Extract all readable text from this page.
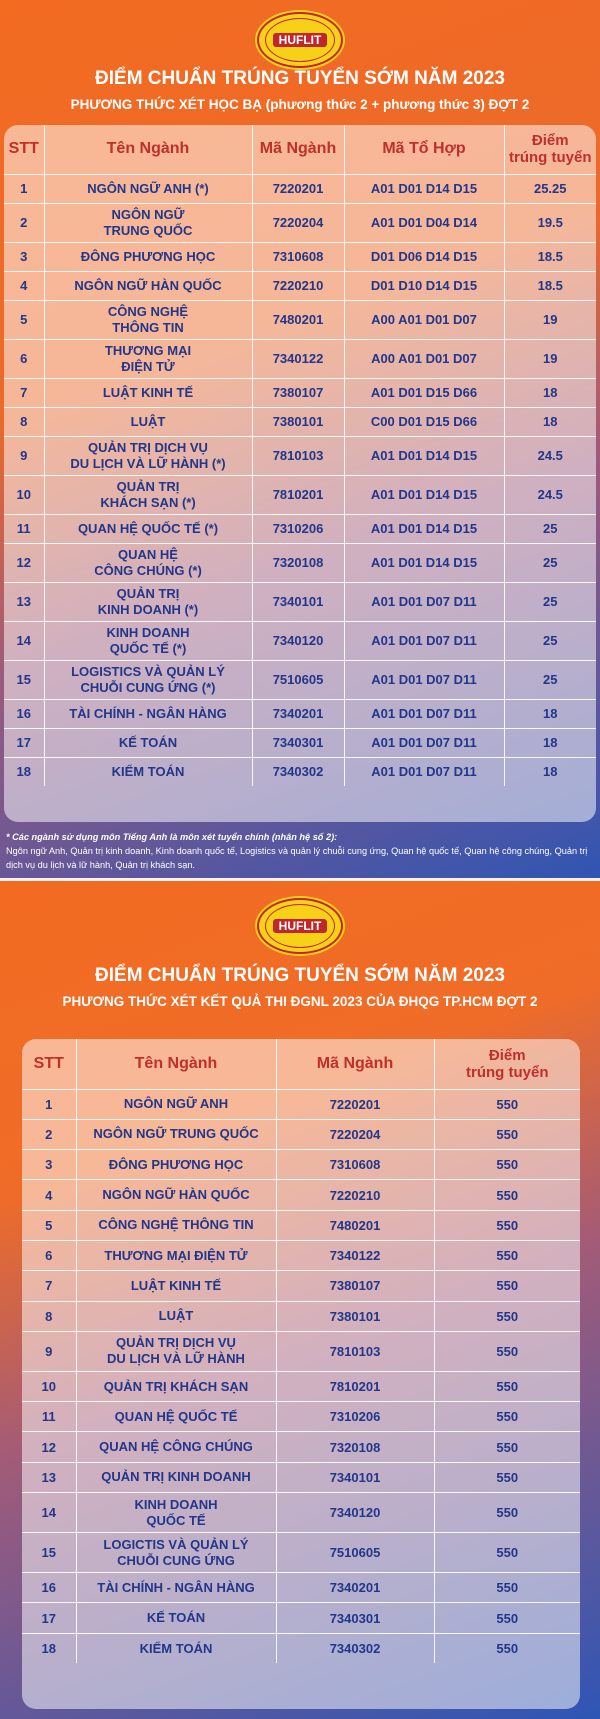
HUFLIT
ĐIỂM CHUẨN TRÚNG TUYỂN SỚM NĂM 2023
PHƯƠNG THỨC XÉT HỌC BẠ (phương thức 2 + phương thức 3) ĐỢT 2
STT	Tên Ngành	Mã Ngành	Mã Tổ Hợp	Điểm
trúng tuyển

1	NGÔN NGỮ ANH (*)	7220201	A01 D01 D14 D15	25.25
2	NGÔN NGỮ
TRUNG QUỐC	7220204	A01 D01 D04 D14	19.5
3	ĐÔNG PHƯƠNG HỌC	7310608	D01 D06 D14 D15	18.5
4	NGÔN NGỮ HÀN QUỐC	7220210	D01 D10 D14 D15	18.5
5	CÔNG NGHỆ
THÔNG TIN	7480201	A00 A01 D01 D07	19
6	THƯƠNG MẠI
ĐIỆN TỬ	7340122	A00 A01 D01 D07	19
7	LUẬT KINH TẾ	7380107	A01 D01 D15 D66	18
8	LUẬT	7380101	C00 D01 D15 D66	18
9	QUẢN TRỊ DỊCH VỤ
DU LỊCH VÀ LỮ HÀNH (*)	7810103	A01 D01 D14 D15	24.5
10	QUẢN TRỊ
KHÁCH SẠN (*)	7810201	A01 D01 D14 D15	24.5
11	QUAN HỆ QUỐC TẾ (*)	7310206	A01 D01 D14 D15	25
12	QUAN HỆ
CÔNG CHÚNG (*)	7320108	A01 D01 D14 D15	25
13	QUẢN TRỊ
KINH DOANH (*)	7340101	A01 D01 D07 D11	25
14	KINH DOANH
QUỐC TẾ (*)	7340120	A01 D01 D07 D11	25
15	LOGISTICS VÀ QUẢN LÝ
CHUỖI CUNG ỨNG (*)	7510605	A01 D01 D07 D11	25
16	TÀI CHÍNH - NGÂN HÀNG	7340201	A01 D01 D07 D11	18
17	KẾ TOÁN	7340301	A01 D01 D07 D11	18
18	KIỂM TOÁN	7340302	A01 D01 D07 D11	18
* Các ngành sử dụng môn Tiếng Anh là môn xét tuyển chính (nhân hệ số 2):
Ngôn ngữ Anh, Quản trị kinh doanh, Kinh doanh quốc tế, Logistics và quản lý chuỗi cung ứng, Quan hệ quốc tế, Quan hệ công chúng, Quản trị dịch vụ du lịch và lữ hành, Quản trị khách sạn.
HUFLIT
ĐIỂM CHUẨN TRÚNG TUYỂN SỚM NĂM 2023
PHƯƠNG THỨC XÉT KẾT QUẢ THI ĐGNL 2023 CỦA ĐHQG TP.HCM ĐỢT 2
STT	Tên Ngành	Mã Ngành	Điểm
trúng tuyển

1	NGÔN NGỮ ANH	7220201	550
2	NGÔN NGỮ TRUNG QUỐC	7220204	550
3	ĐÔNG PHƯƠNG HỌC	7310608	550
4	NGÔN NGỮ HÀN QUỐC	7220210	550
5	CÔNG NGHỆ THÔNG TIN	7480201	550
6	THƯƠNG MẠI ĐIỆN TỬ	7340122	550
7	LUẬT KINH TẾ	7380107	550
8	LUẬT	7380101	550
9	QUẢN TRỊ DỊCH VỤ
DU LỊCH VÀ LỮ HÀNH	7810103	550
10	QUẢN TRỊ KHÁCH SẠN	7810201	550
11	QUAN HỆ QUỐC TẾ	7310206	550
12	QUAN HỆ CÔNG CHÚNG	7320108	550
13	QUẢN TRỊ KINH DOANH	7340101	550
14	KINH DOANH
QUỐC TẾ	7340120	550
15	LOGICTIS VÀ QUẢN LÝ
CHUỖI CUNG ỨNG	7510605	550
16	TÀI CHÍNH - NGÂN HÀNG	7340201	550
17	KẾ TOÁN	7340301	550
18	KIỂM TOÁN	7340302	550
